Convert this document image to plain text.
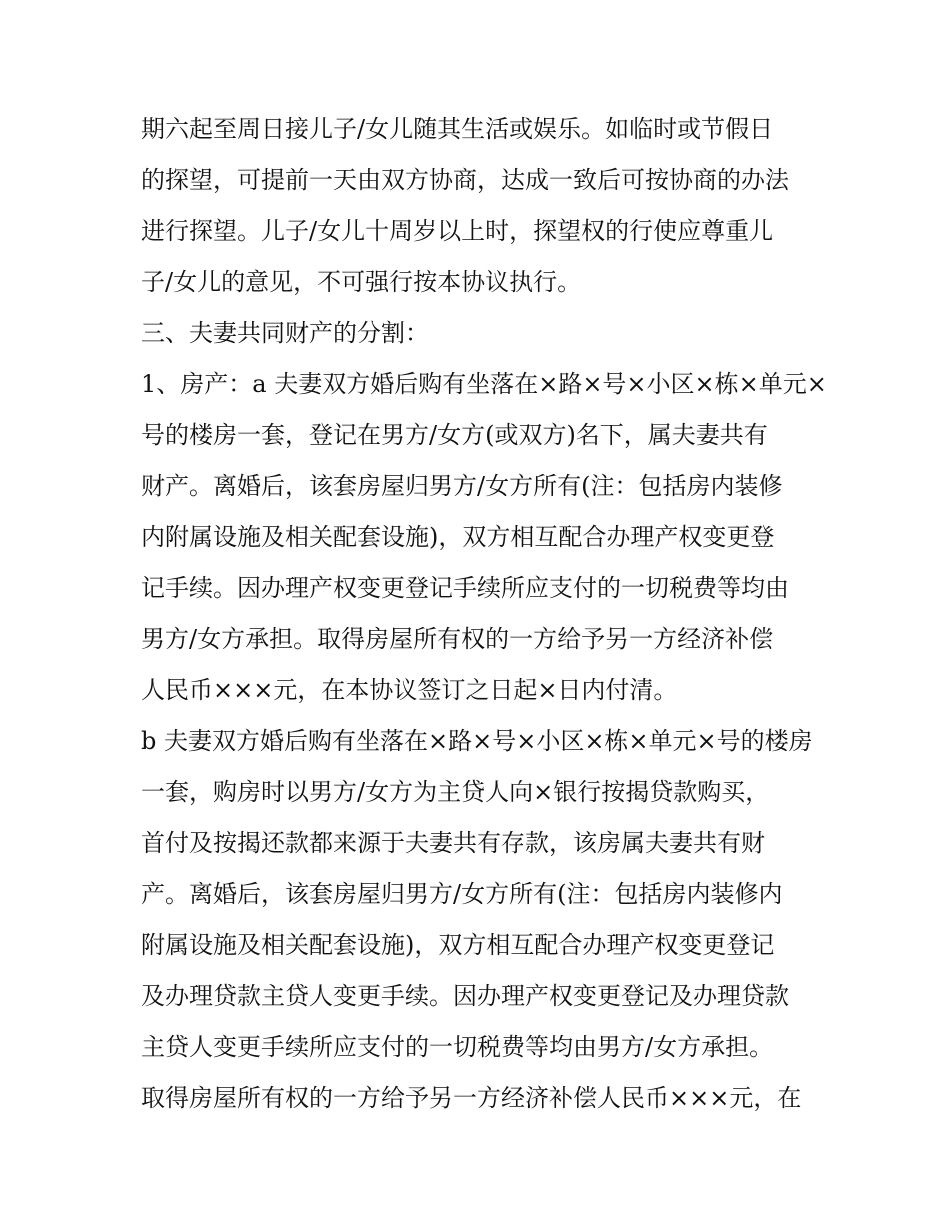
期六起至周日接儿子/女儿随其生活或娱乐。如临时或节假日
的探望，可提前一天由双方协商，达成一致后可按协商的办法
进行探望。儿子/女儿十周岁以上时，探望权的行使应尊重儿
子/女儿的意见，不可强行按本协议执行。
三、夫妻共同财产的分割：
1、房产：a 夫妻双方婚后购有坐落在×路×号×小区×栋×单元×
号的楼房一套，登记在男方/女方(或双方)名下，属夫妻共有
财产。离婚后，该套房屋归男方/女方所有(注：包括房内装修
内附属设施及相关配套设施)，双方相互配合办理产权变更登
记手续。因办理产权变更登记手续所应支付的一切税费等均由
男方/女方承担。取得房屋所有权的一方给予另一方经济补偿
人民币×××元，在本协议签订之日起×日内付清。
b 夫妻双方婚后购有坐落在×路×号×小区×栋×单元×号的楼房
一套，购房时以男方/女方为主贷人向×银行按揭贷款购买，
首付及按揭还款都来源于夫妻共有存款，该房属夫妻共有财
产。离婚后，该套房屋归男方/女方所有(注：包括房内装修内
附属设施及相关配套设施)，双方相互配合办理产权变更登记
及办理贷款主贷人变更手续。因办理产权变更登记及办理贷款
主贷人变更手续所应支付的一切税费等均由男方/女方承担。
取得房屋所有权的一方给予另一方经济补偿人民币×××元，在
